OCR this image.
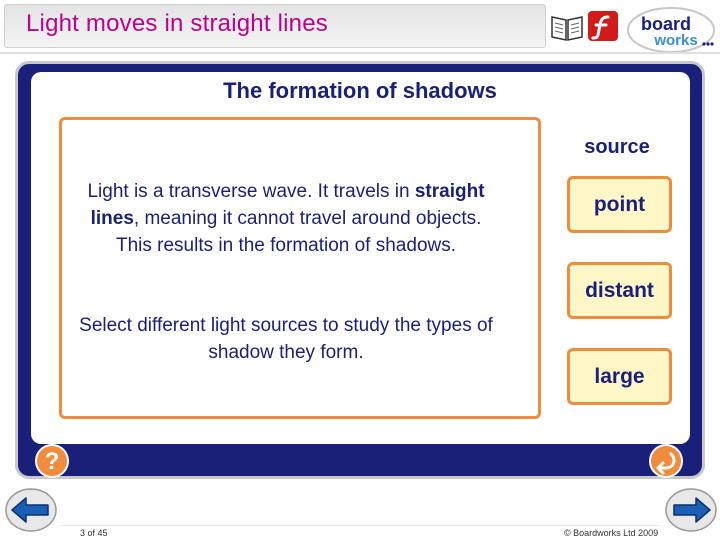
Light moves in straight lines	board
works
The formation of shadows
Light is a transverse wave. It travels in straight lines, meaning it cannot travel around objects. This results in the formation of shadows.
Select different light sources to study the types of shadow they form.
source
point
distant
large
?
3 of 45	© Boardworks Ltd 2009
